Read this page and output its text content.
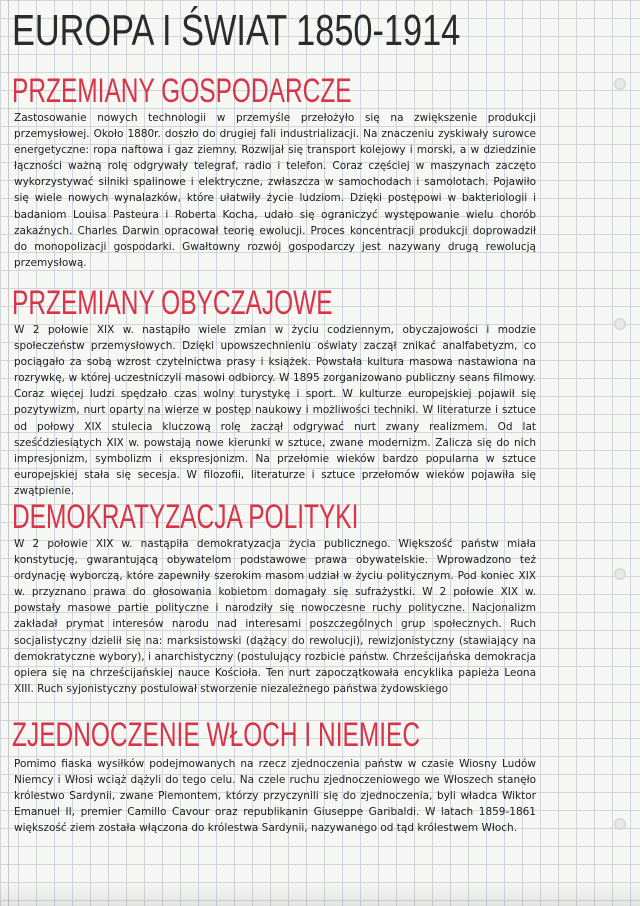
EUROPA I ŚWIAT 1850-1914
PRZEMIANY GOSPODARCZE
Zastosowanie nowych technologii w przemyśle przełożyło się na zwiększenie produkcji przemysłowej. Około 1880r. doszło do drugiej fali industrializacji. Na znaczeniu zyskiwały surowce energetyczne: ropa naftowa i gaz ziemny. Rozwijał się transport kolejowy i morski, a w dziedzinie łączności ważną rolę odgrywały telegraf, radio i telefon. Coraz częściej w maszynach zaczęto wykorzystywać silniki spalinowe i elektryczne, zwłaszcza w samochodach i samolotach. Pojawiło się wiele nowych wynalazków, które ułatwiły życie ludziom. Dzięki postępowi w bakteriologii i badaniom Louisa Pasteura i Roberta Kocha, udało się ograniczyć występowanie wielu chorób zakaźnych. Charles Darwin opracował teorię ewolucji. Proces koncentracji produkcji doprowadził do monopolizacji gospodarki. Gwałtowny rozwój gospodarczy jest nazywany drugą rewolucją przemysłową.
PRZEMIANY OBYCZAJOWE
W 2 połowie XIX w. nastąpiło wiele zmian w życiu codziennym, obyczajowości i modzie społeczeństw przemysłowych. Dzięki upowszechnieniu oświaty zaczął znikać analfabetyzm, co pociągało za sobą wzrost czytelnictwa prasy i książek. Powstała kultura masowa nastawiona na rozrywkę, w której uczestniczyli masowi odbiorcy. W 1895 zorganizowano publiczny seans filmowy. Coraz więcej ludzi spędzało czas wolny turystykę i sport. W kulturze europejskiej pojawił się pozytywizm, nurt oparty na wierze w postęp naukowy i możliwości techniki. W literaturze i sztuce od połowy XIX stulecia kluczową rolę zaczął odgrywać nurt zwany realizmem. Od lat sześćdziesiątych XIX w. powstają nowe kierunki w sztuce, zwane modernizm. Zalicza się do nich impresjonizm, symbolizm i ekspresjonizm. Na przełomie wieków bardzo popularna w sztuce europejskiej stała się secesja. W filozofii, literaturze i sztuce przełomów wieków pojawiła się zwątpienie.
DEMOKRATYZACJA POLITYKI
W 2 połowie XIX w. nastąpiła demokratyzacja życia publicznego. Większość państw miała konstytucję, gwarantującą obywatelom podstawowe prawa obywatelskie. Wprowadzono też ordynację wyborczą, które zapewniły szerokim masom udział w życiu politycznym. Pod koniec XIX w. przyznano prawa do głosowania kobietom domagały się sufrażystki. W 2 połowie XIX w. powstały masowe partie polityczne i narodziły się nowoczesne ruchy polityczne. Nacjonalizm zakładał prymat interesów narodu nad interesami poszczególnych grup społecznych. Ruch socjalistyczny dzielił się na: marksistowski (dążący do rewolucji), rewizjonistyczny (stawiający na demokratyczne wybory), i anarchistyczny (postulujący rozbicie państw. Chrześcijańska demokracja opiera się na chrześcijańskiej nauce Kościoła. Ten nurt zapoczątkowała encyklika papieża Leona XIII. Ruch syjonistyczny postulował stworzenie niezależnego państwa żydowskiego
ZJEDNOCZENIE WŁOCH I NIEMIEC
Pomimo fiaska wysiłków podejmowanych na rzecz zjednoczenia państw w czasie Wiosny Ludów Niemcy i Włosi wciąż dążyli do tego celu. Na czele ruchu zjednoczeniowego we Włoszech stanęło królestwo Sardynii, zwane Piemontem, którzy przyczynili się do zjednoczenia, byli władca Wiktor Emanuel II, premier Camillo Cavour oraz republikanin Giuseppe Garibaldi. W latach 1859-1861 większość ziem została włączona do królestwa Sardynii, nazywanego od tąd królestwem Włoch.
